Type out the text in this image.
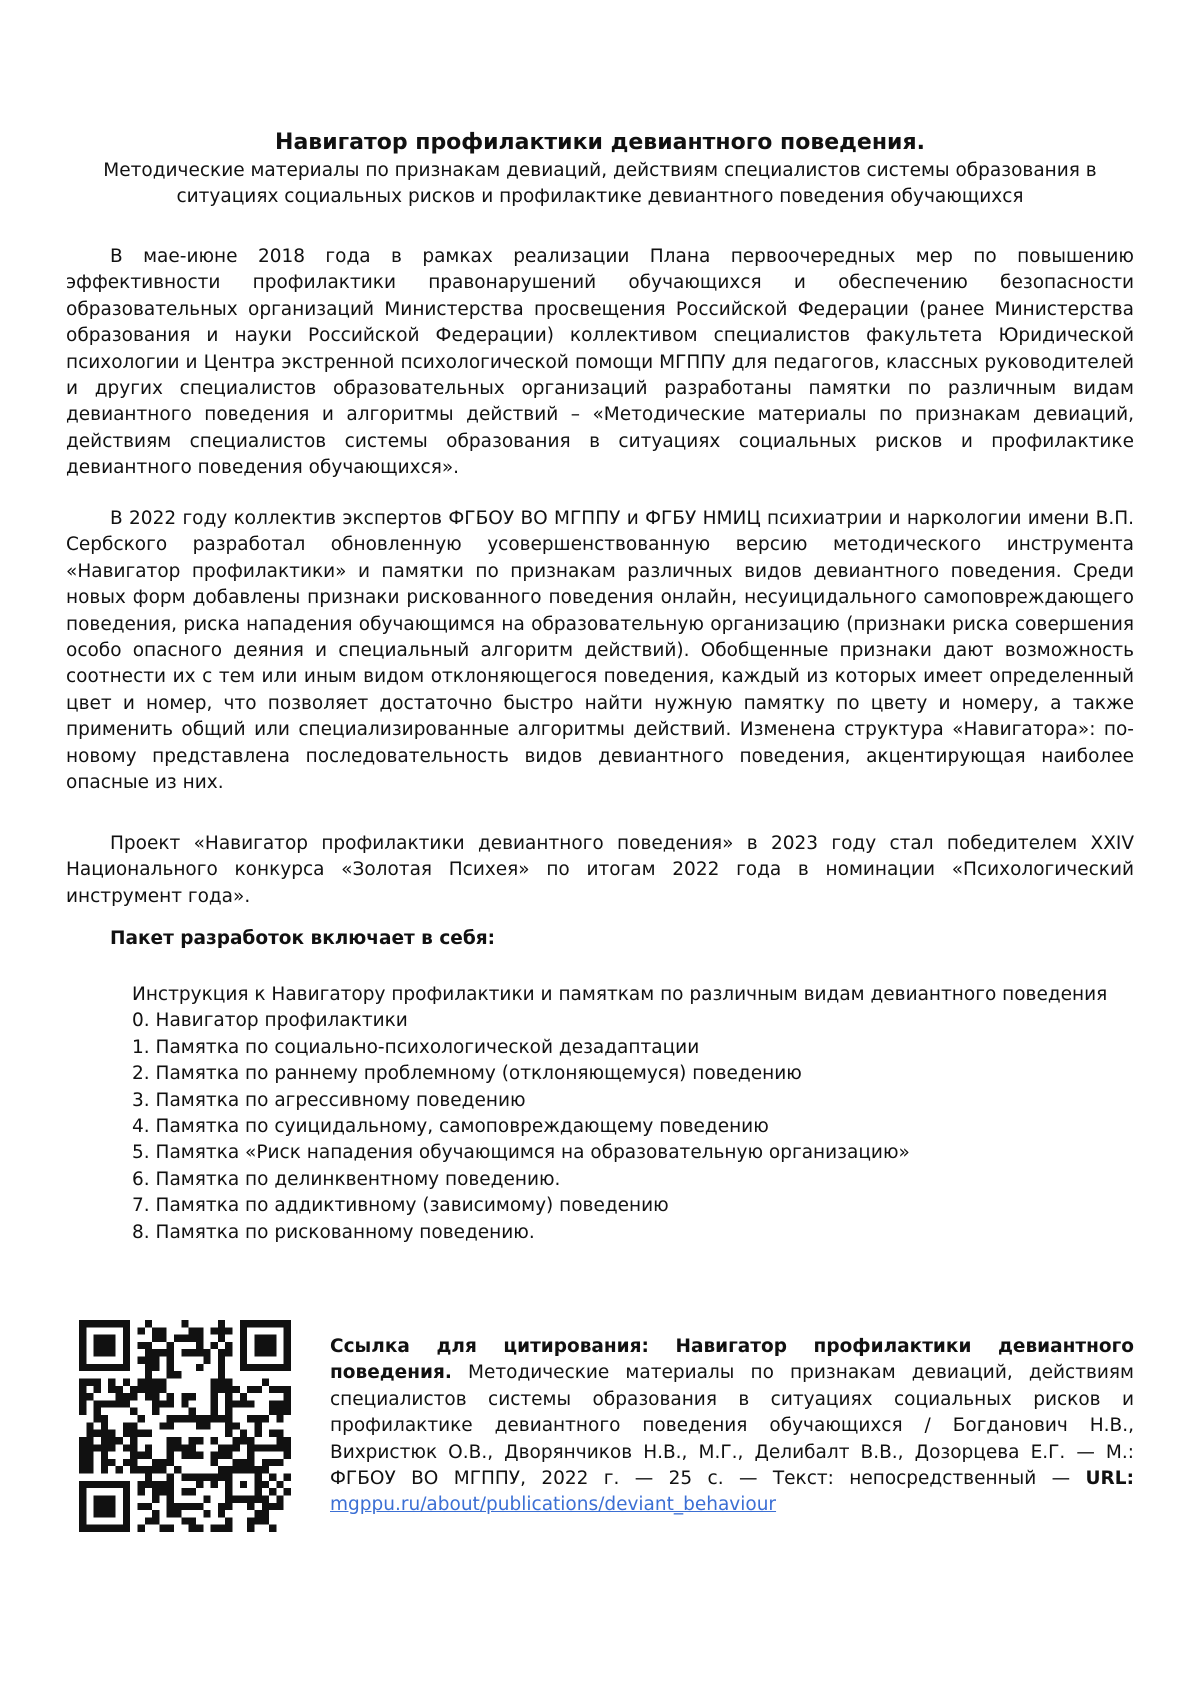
Навигатор профилактики девиантного поведения.

Методические материалы по признакам девиаций, действиям специалистов системы образования в ситуациях социальных рисков и профилактике девиантного поведения обучающихся

В мае-июне 2018 года в рамках реализации Плана первоочередных мер по повышению эффективности профилактики правонарушений обучающихся и обеспечению безопасности образовательных организаций Министерства просвещения Российской Федерации (ранее Министерства образования и науки Российской Федерации) коллективом специалистов факультета Юридической психологии и Центра экстренной психологической помощи МГППУ для педагогов, классных руководителей и других специалистов образовательных организаций разработаны памятки по различным видам девиантного поведения и алгоритмы действий – «Методические материалы по признакам девиаций, действиям специалистов системы образования в ситуациях социальных рисков и профилактике девиантного поведения обучающихся».

В 2022 году коллектив экспертов ФГБОУ ВО МГППУ и ФГБУ НМИЦ психиатрии и наркологии имени В.П. Сербского разработал обновленную усовершенствованную версию методического инструмента «Навигатор профилактики» и памятки по признакам различных видов девиантного поведения. Среди новых форм добавлены признаки рискованного поведения онлайн, несуицидального самоповреждающего поведения, риска нападения обучающимся на образовательную организацию (признаки риска совершения особо опасного деяния и специальный алгоритм действий). Обобщенные признаки дают возможность соотнести их с тем или иным видом отклоняющегося поведения, каждый из которых имеет определенный цвет и номер, что позволяет достаточно быстро найти нужную памятку по цвету и номеру, а также применить общий или специализированные алгоритмы действий. Изменена структура «Навигатора»: по-новому представлена последовательность видов девиантного поведения, акцентирующая наиболее опасные из них.

Проект «Навигатор профилактики девиантного поведения» в 2023 году стал победителем XXIV Национального конкурса «Золотая Психея» по итогам 2022 года в номинации «Психологический инструмент года».

Пакет разработок включает в себя:

Инструкция к Навигатору профилактики и памяткам по различным видам девиантного поведения
0. Навигатор профилактики
1. Памятка по социально-психологической дезадаптации
2. Памятка по раннему проблемному (отклоняющемуся) поведению
3. Памятка по агрессивному поведению
4. Памятка по суицидальному, самоповреждающему поведению
5. Памятка «Риск нападения обучающимся на образовательную организацию»
6. Памятка по делинквентному поведению.
7. Памятка по аддиктивному (зависимому) поведению
8. Памятка по рискованному поведению.

Ссылка для цитирования: Навигатор профилактики девиантного поведения. Методические материалы по признакам девиаций, действиям специалистов системы образования в ситуациях социальных рисков и профилактике девиантного поведения обучающихся / Богданович Н.В., Вихристюк О.В., Дворянчиков Н.В., М.Г., Делибалт В.В., Дозорцева Е.Г. — М.: ФГБОУ ВО МГППУ, 2022 г. — 25 с. — Текст: непосредственный — URL: mgppu.ru/about/publications/deviant_behaviour
